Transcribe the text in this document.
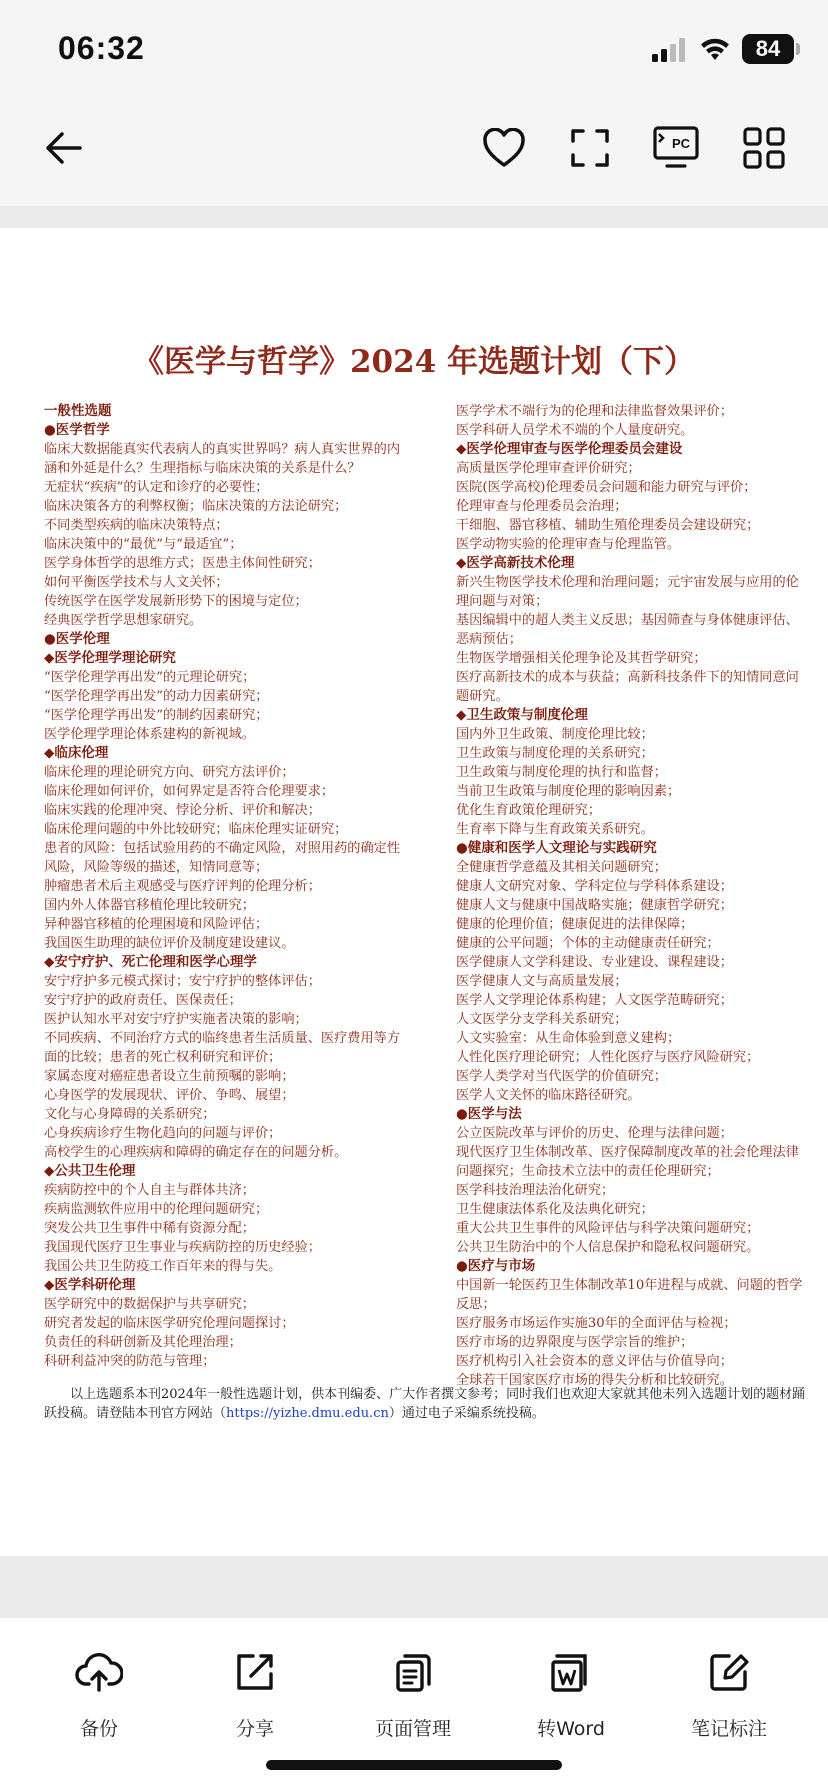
06:32	84
PC
《医学与哲学》2024 年选题计划（下）

一般性选题

●医学哲学

临床大数据能真实代表病人的真实世界吗？病人真实世界的内涵和外延是什么？生理指标与临床决策的关系是什么？

无症状“疾病”的认定和诊疗的必要性；

临床决策各方的利弊权衡；临床决策的方法论研究；

不同类型疾病的临床决策特点；

临床决策中的“最优”与“最适宜”；

医学身体哲学的思维方式；医患主体间性研究；

如何平衡医学技术与人文关怀；

传统医学在医学发展新形势下的困境与定位；

经典医学哲学思想家研究。

●医学伦理

◆医学伦理学理论研究

“医学伦理学再出发”的元理论研究；

“医学伦理学再出发”的动力因素研究；

“医学伦理学再出发”的制约因素研究；

医学伦理学理论体系建构的新视域。

◆临床伦理

临床伦理的理论研究方向、研究方法评价；

临床伦理如何评价，如何界定是否符合伦理要求；

临床实践的伦理冲突、悖论分析、评价和解决；

临床伦理问题的中外比较研究；临床伦理实证研究；

患者的风险：包括试验用药的不确定风险，对照用药的确定性风险，风险等级的描述，知情同意等；

肿瘤患者术后主观感受与医疗评判的伦理分析；

国内外人体器官移植伦理比较研究；

异种器官移植的伦理困境和风险评估；

我国医生助理的缺位评价及制度建设建议。

◆安宁疗护、死亡伦理和医学心理学

安宁疗护多元模式探讨；安宁疗护的整体评估；

安宁疗护的政府责任、医保责任；

医护认知水平对安宁疗护实施者决策的影响；

不同疾病、不同治疗方式的临终患者生活质量、医疗费用等方面的比较；患者的死亡权利研究和评价；

家属态度对癌症患者设立生前预嘱的影响；

心身医学的发展现状、评价、争鸣、展望；

文化与心身障碍的关系研究；

心身疾病诊疗生物化趋向的问题与评价；

高校学生的心理疾病和障碍的确定存在的问题分析。

◆公共卫生伦理

疾病防控中的个人自主与群体共济；

疾病监测软件应用中的伦理问题研究；

突发公共卫生事件中稀有资源分配；

我国现代医疗卫生事业与疾病防控的历史经验；

我国公共卫生防疫工作百年来的得与失。

◆医学科研伦理

医学研究中的数据保护与共享研究；

研究者发起的临床医学研究伦理问题探讨；

负责任的科研创新及其伦理治理；

科研利益冲突的防范与管理；

医学学术不端行为的伦理和法律监督效果评价；

医学科研人员学术不端的个人量度研究。

◆医学伦理审查与医学伦理委员会建设

高质量医学伦理审查评价研究；

医院(医学高校)伦理委员会问题和能力研究与评价；

伦理审查与伦理委员会治理；

干细胞、器官移植、辅助生殖伦理委员会建设研究；

医学动物实验的伦理审查与伦理监管。

◆医学高新技术伦理

新兴生物医学技术伦理和治理问题；元宇宙发展与应用的伦理问题与对策；

基因编辑中的超人类主义反思；基因筛查与身体健康评估、恶病预估；

生物医学增强相关伦理争论及其哲学研究；

医疗高新技术的成本与获益；高新科技条件下的知情同意问题研究。

◆卫生政策与制度伦理

国内外卫生政策、制度伦理比较；

卫生政策与制度伦理的关系研究；

卫生政策与制度伦理的执行和监督；

当前卫生政策与制度伦理的影响因素；

优化生育政策伦理研究；

生育率下降与生育政策关系研究。

●健康和医学人文理论与实践研究

全健康哲学意蕴及其相关问题研究；

健康人文研究对象、学科定位与学科体系建设；

健康人文与健康中国战略实施；健康哲学研究；

健康的伦理价值；健康促进的法律保障；

健康的公平问题；个体的主动健康责任研究；

医学健康人文学科建设、专业建设、课程建设；

医学健康人文与高质量发展；

医学人文学理论体系构建；人文医学范畴研究；

人文医学分支学科关系研究；

人文实验室：从生命体验到意义建构；

人性化医疗理论研究；人性化医疗与医疗风险研究；

医学人类学对当代医学的价值研究；

医学人文关怀的临床路径研究。

●医学与法

公立医院改革与评价的历史、伦理与法律问题；

现代医疗卫生体制改革、医疗保障制度改革的社会伦理法律问题探究；生命技术立法中的责任伦理研究；

医学科技治理法治化研究；

卫生健康法体系化及法典化研究；

重大公共卫生事件的风险评估与科学决策问题研究；

公共卫生防治中的个人信息保护和隐私权问题研究。

●医疗与市场

中国新一轮医药卫生体制改革10年进程与成就、问题的哲学反思；

医疗服务市场运作实施30年的全面评估与检视；

医疗市场的边界限度与医学宗旨的维护；

医疗机构引入社会资本的意义评估与价值导向；

全球若干国家医疗市场的得失分析和比较研究。

以上选题系本刊2024年一般性选题计划，供本刊编委、广大作者撰文参考；同时我们也欢迎大家就其他未列入选题计划的题材踊跃投稿。请登陆本刊官方网站（https://yizhe.dmu.edu.cn）通过电子采编系统投稿。
备份	分享	页面管理	转Word	笔记标注
